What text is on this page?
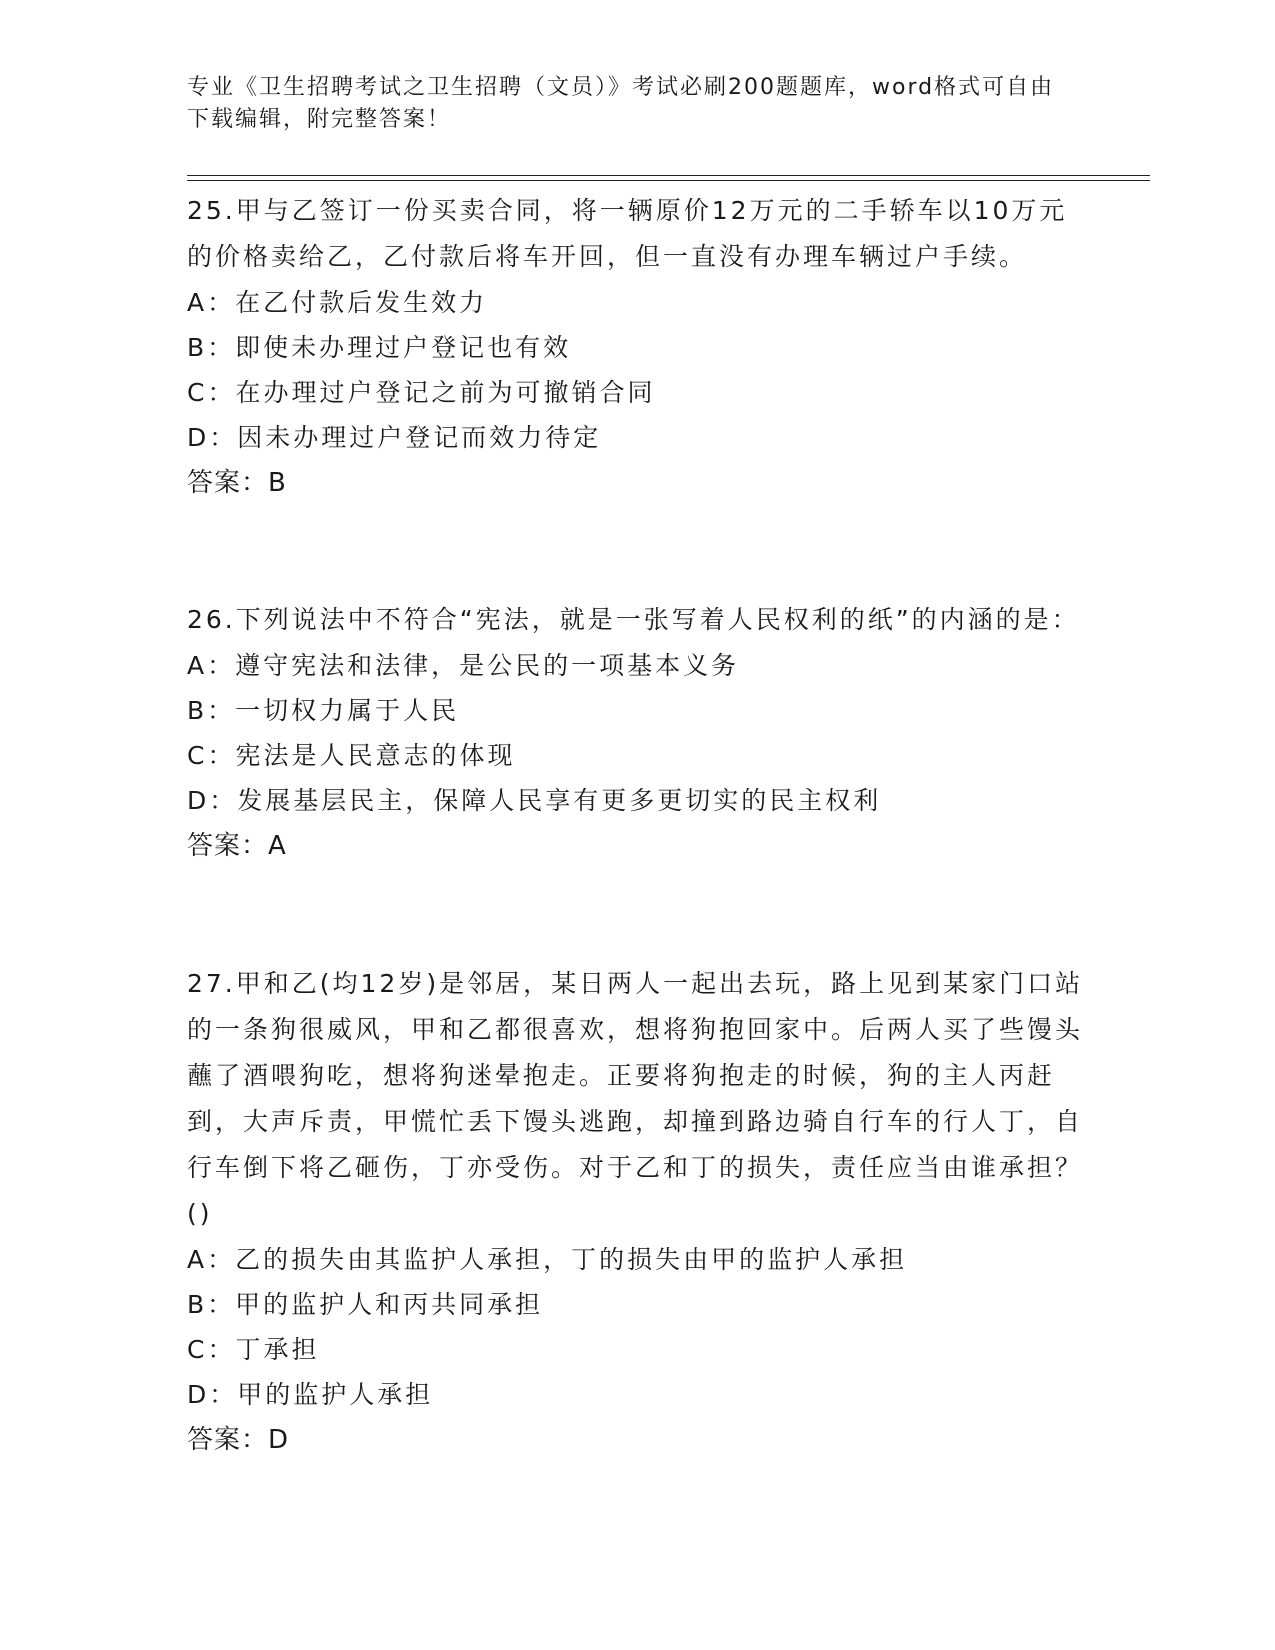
专业《卫生招聘考试之卫生招聘（文员）》考试必刷200题题库，word格式可自由下载编辑，附完整答案！

25.甲与乙签订一份买卖合同，将一辆原价12万元的二手轿车以10万元的价格卖给乙，乙付款后将车开回，但一直没有办理车辆过户手续。

A：在乙付款后发生效力

B：即使未办理过户登记也有效

C：在办理过户登记之前为可撤销合同

D：因未办理过户登记而效力待定

答案：B

26.下列说法中不符合“宪法，就是一张写着人民权利的纸”的内涵的是：

A：遵守宪法和法律，是公民的一项基本义务

B：一切权力属于人民

C：宪法是人民意志的体现

D：发展基层民主，保障人民享有更多更切实的民主权利

答案：A

27.甲和乙(均12岁)是邻居，某日两人一起出去玩，路上见到某家门口站的一条狗很威风，甲和乙都很喜欢，想将狗抱回家中。后两人买了些馒头蘸了酒喂狗吃，想将狗迷晕抱走。正要将狗抱走的时候，狗的主人丙赶到，大声斥责，甲慌忙丢下馒头逃跑，却撞到路边骑自行车的行人丁，自行车倒下将乙砸伤，丁亦受伤。对于乙和丁的损失，责任应当由谁承担？()

A：乙的损失由其监护人承担，丁的损失由甲的监护人承担

B：甲的监护人和丙共同承担

C：丁承担

D：甲的监护人承担

答案：D
